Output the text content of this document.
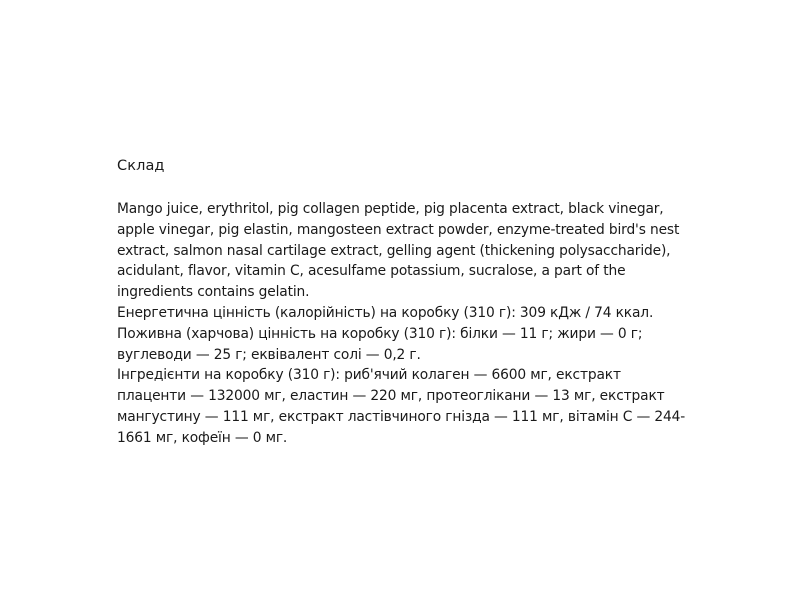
Склад

Mango juice, erythritol, pig collagen peptide, pig placenta extract, black vinegar, apple vinegar, pig elastin, mangosteen extract powder, enzyme-treated bird's nest extract, salmon nasal cartilage extract, gelling agent (thickening polysaccharide), acidulant, flavor, vitamin C, acesulfame potassium, sucralose, a part of the ingredients contains gelatin.

Енергетична цінність (калорійність) на коробку (310 г): 309 кДж / 74 ккал.

Поживна (харчова) цінність на коробку (310 г): білки — 11 г; жири — 0 г; вуглеводи — 25 г; еквівалент солі — 0,2 г.

Інгредієнти на коробку (310 г): риб'ячий колаген — 6600 мг, екстракт плаценти — 132000 мг, еластин — 220 мг, протеоглікани — 13 мг, екстракт мангустину — 111 мг, екстракт ластівчиного гнізда — 111 мг, вітамін С — 244-1661 мг, кофеїн — 0 мг.
